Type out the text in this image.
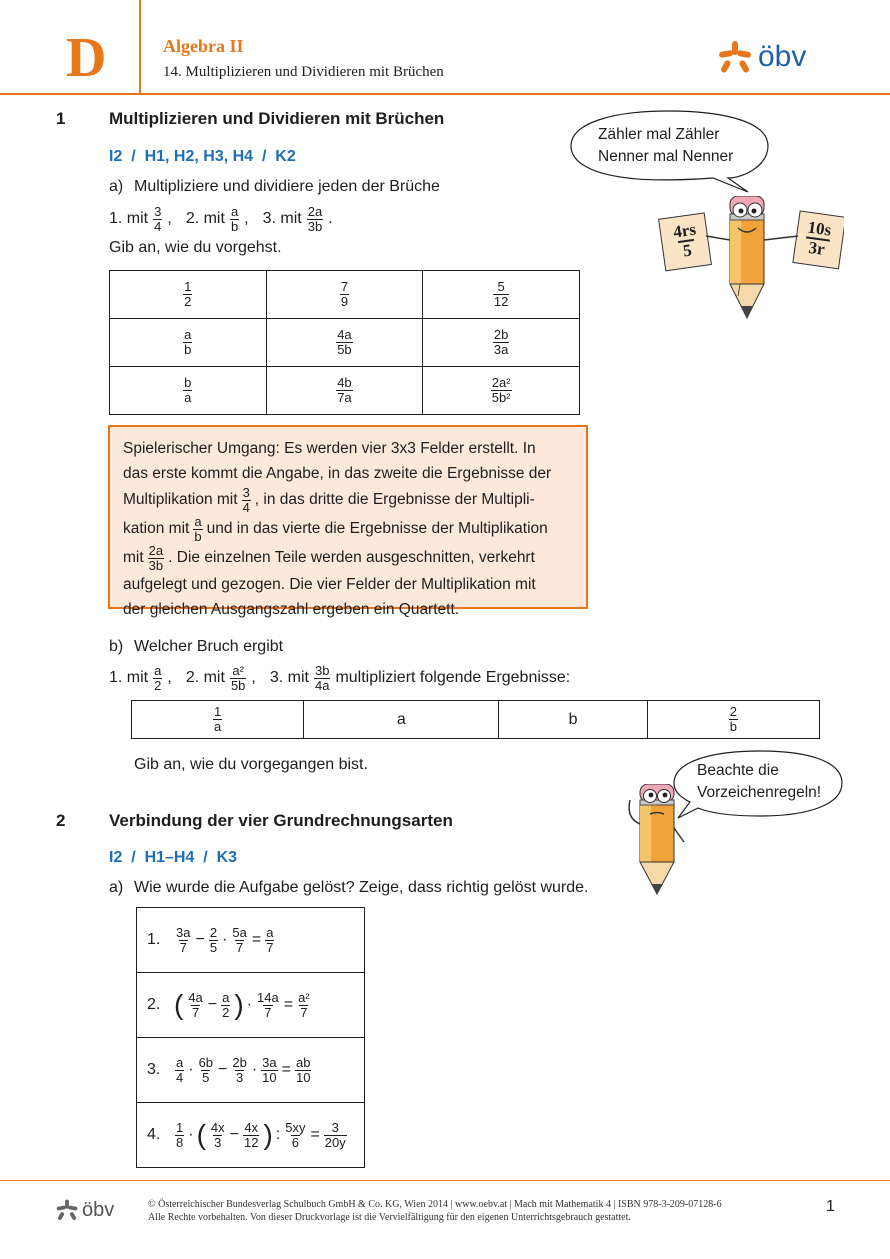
D	Algebra II
14. Multiplizieren und Dividieren mit Brüchen	öbv
1	Multiplizieren und Dividieren mit Brüchen
I2  /  H1, H2, H3, H4  /  K2
a) Multipliziere und dividiere jeden der Brüche
1. mit $\frac{3}{4}$ , 2. mit $\frac{a}{b}$ , 3. mit $\frac{2a}{3b}$ .
Gib an, wie du vorgehst.
$\frac{1}{2}$	$\frac{7}{9}$	$\frac{5}{12}$

$\frac{a}{b}$	$\frac{4a}{5b}$	$\frac{2b}{3a}$

$\frac{b}{a}$	$\frac{4b}{7a}$	$\frac{\text{2a²}}{\text{5b²}}$
Spielerischer Umgang: Es werden vier 3x3 Felder erstellt. In
das erste kommt die Angabe, in das zweite die Ergebnisse der
Multiplikation mit $\frac{3}{4}$ , in das dritte die Ergebnisse der Multipli-
kation mit $\frac{a}{b}$ und in das vierte die Ergebnisse der Multiplikation
mit $\frac{2a}{3b}$ . Die einzelnen Teile werden ausgeschnitten, verkehrt
aufgelegt und gezogen. Die vier Felder der Multiplikation mit
der gleichen Ausgangszahl ergeben ein Quartett.
b) Welcher Bruch ergibt
1. mit $\frac{a}{2}$ , 2. mit $\frac{\text{a²}}{5b}$ , 3. mit $\frac{3b}{4a}$ multipliziert folgende Ergebnisse:
$\frac{1}{a}$	a	b	$\frac{2}{b}$
Gib an, wie du vorgegangen bist.
Zähler mal Zähler
Nenner mal Nenner
4rs
5
10s
3r
Beachte die
Vorzeichenregeln!
2	Verbindung der vier Grundrechnungsarten
I2  /  H1–H4  /  K3
a) Wie wurde die Aufgabe gelöst? Zeige, dass richtig gelöst wurde.
1.	$\frac{3a}{7} - \frac{2}{5} \cdot \frac{5a}{7} = \frac{a}{7}$

2. ( $\frac{4a}{7} - \frac{a}{2}$ ) · $\frac{14a}{7} = \frac{\text{a²}}{7}$

3.	$\frac{a}{4} \cdot \frac{6b}{5} - \frac{2b}{3} \cdot \frac{3a}{10} = \frac{ab}{10}$

4.	$\frac{1}{8}$ · ( $\frac{4x}{3} - \frac{4x}{12}$ ) : $\frac{5xy}{6} = \frac{3}{20y}$
öbv	© Österreichischer Bundesverlag Schulbuch GmbH & Co. KG, Wien 2014 | www.oebv.at | Mach mit Mathematik 4 | ISBN 978-3-209-07128-6
Alle Rechte vorbehalten. Von dieser Druckvorlage ist die Vervielfältigung für den eigenen Unterrichtsgebrauch gestattet.
1
